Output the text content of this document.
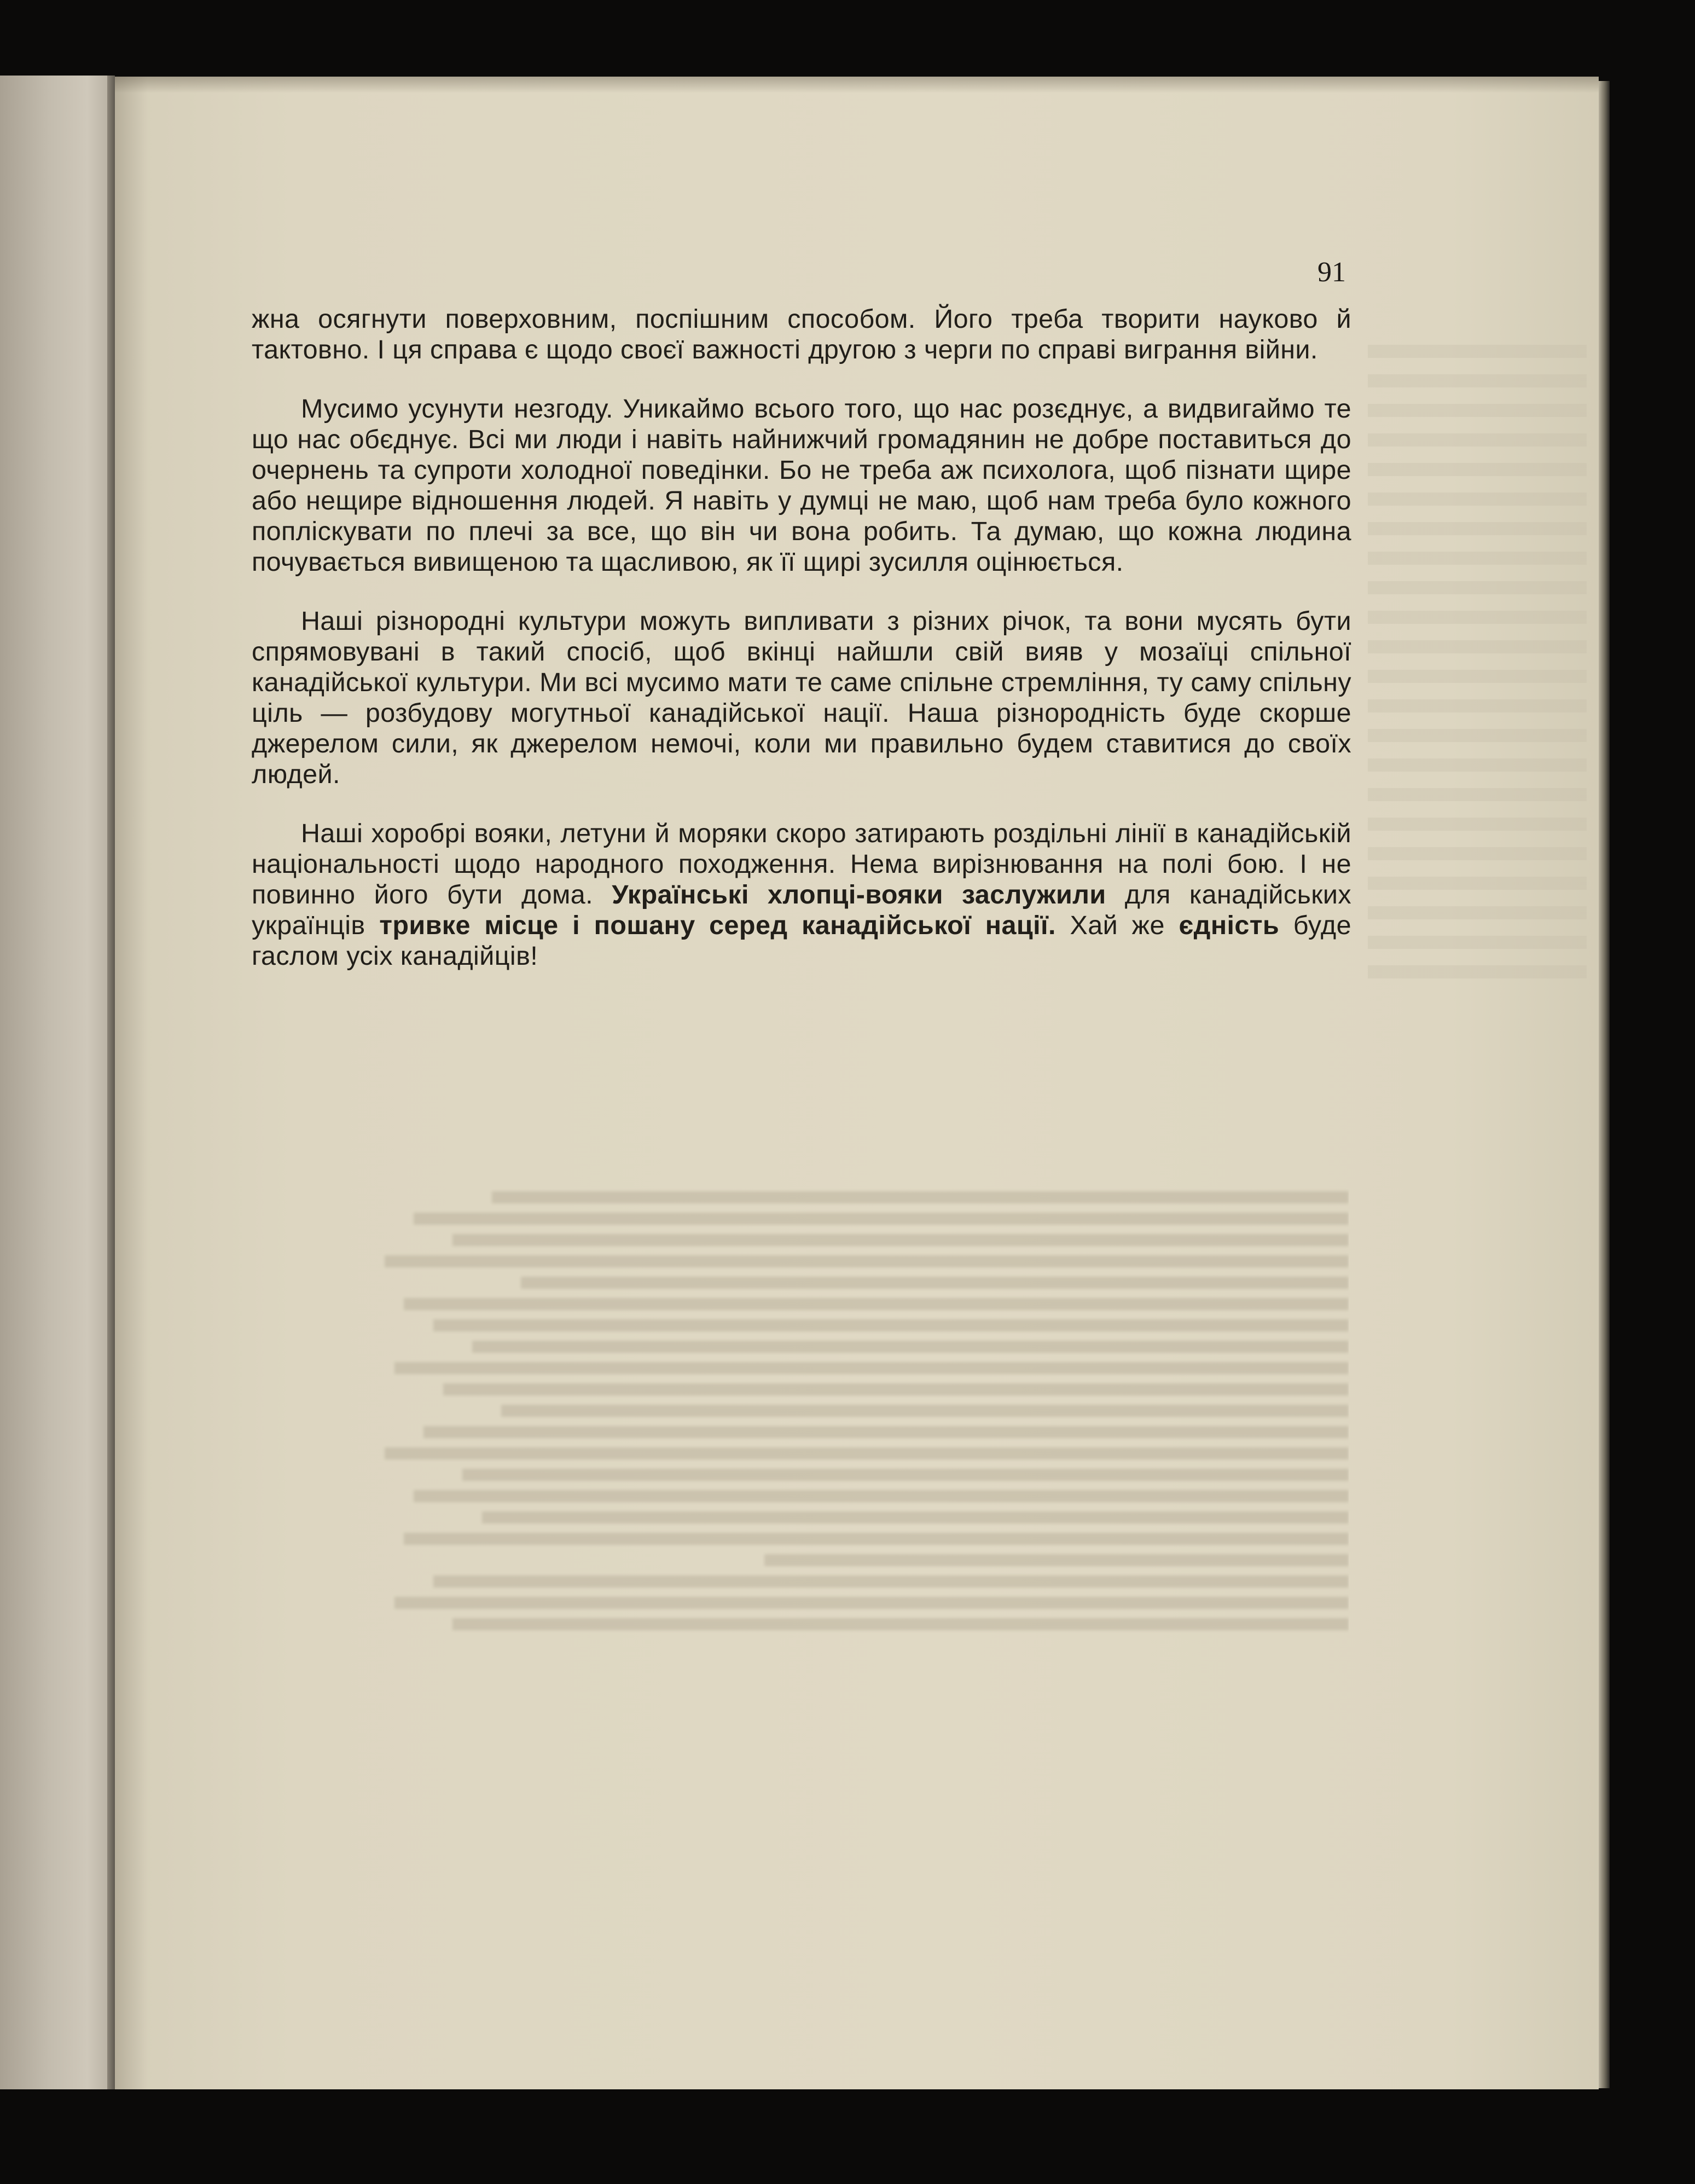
91

жна осягнути поверховним, поспішним способом. Його треба творити науково й тактовно. І ця справа є щодо своєї важності другою з черги по справі виграння війни.

Мусимо усунути незгоду. Уникаймо всього того, що нас розєднує, а видвигаймо те що нас обєднує. Всі ми люди і навіть найнижчий громадянин не добре поставиться до очернень та супроти холодної поведінки. Бо не треба аж психолога, щоб пізнати щире або нещире відношення людей. Я навіть у думці не маю, щоб нам треба було кожного поплiскувати по плечі за все, що він чи вона робить. Та думаю, що кожна людина почувається вивищеною та щасливою, як її щирі зусилля оцінюється.

Наші різнородні культури можуть випливати з різних річок, та вони мусять бути спрямовувані в такий спосіб, щоб вкінці найшли свій вияв у мозаїці спільної канадійської культури. Ми всі мусимо мати те саме спільне стремління, ту саму спільну ціль — розбудову могутньої канадійської нації. Наша різнородність буде скорше джерелом сили, як джерелом немочі, коли ми правильно будем ставитися до своїх людей.

Наші хоробрі вояки, летуни й моряки скоро затирають роздільні лінії в канадійській національності щодо народного походження. Нема вирізнювання на полі бою. І не повинно його бути дома. Українські хлопці-вояки заслужили для канадійських українців тривке місце і пошану серед канадійської нації. Хай же єдність буде гаслом усіх канадійців!
